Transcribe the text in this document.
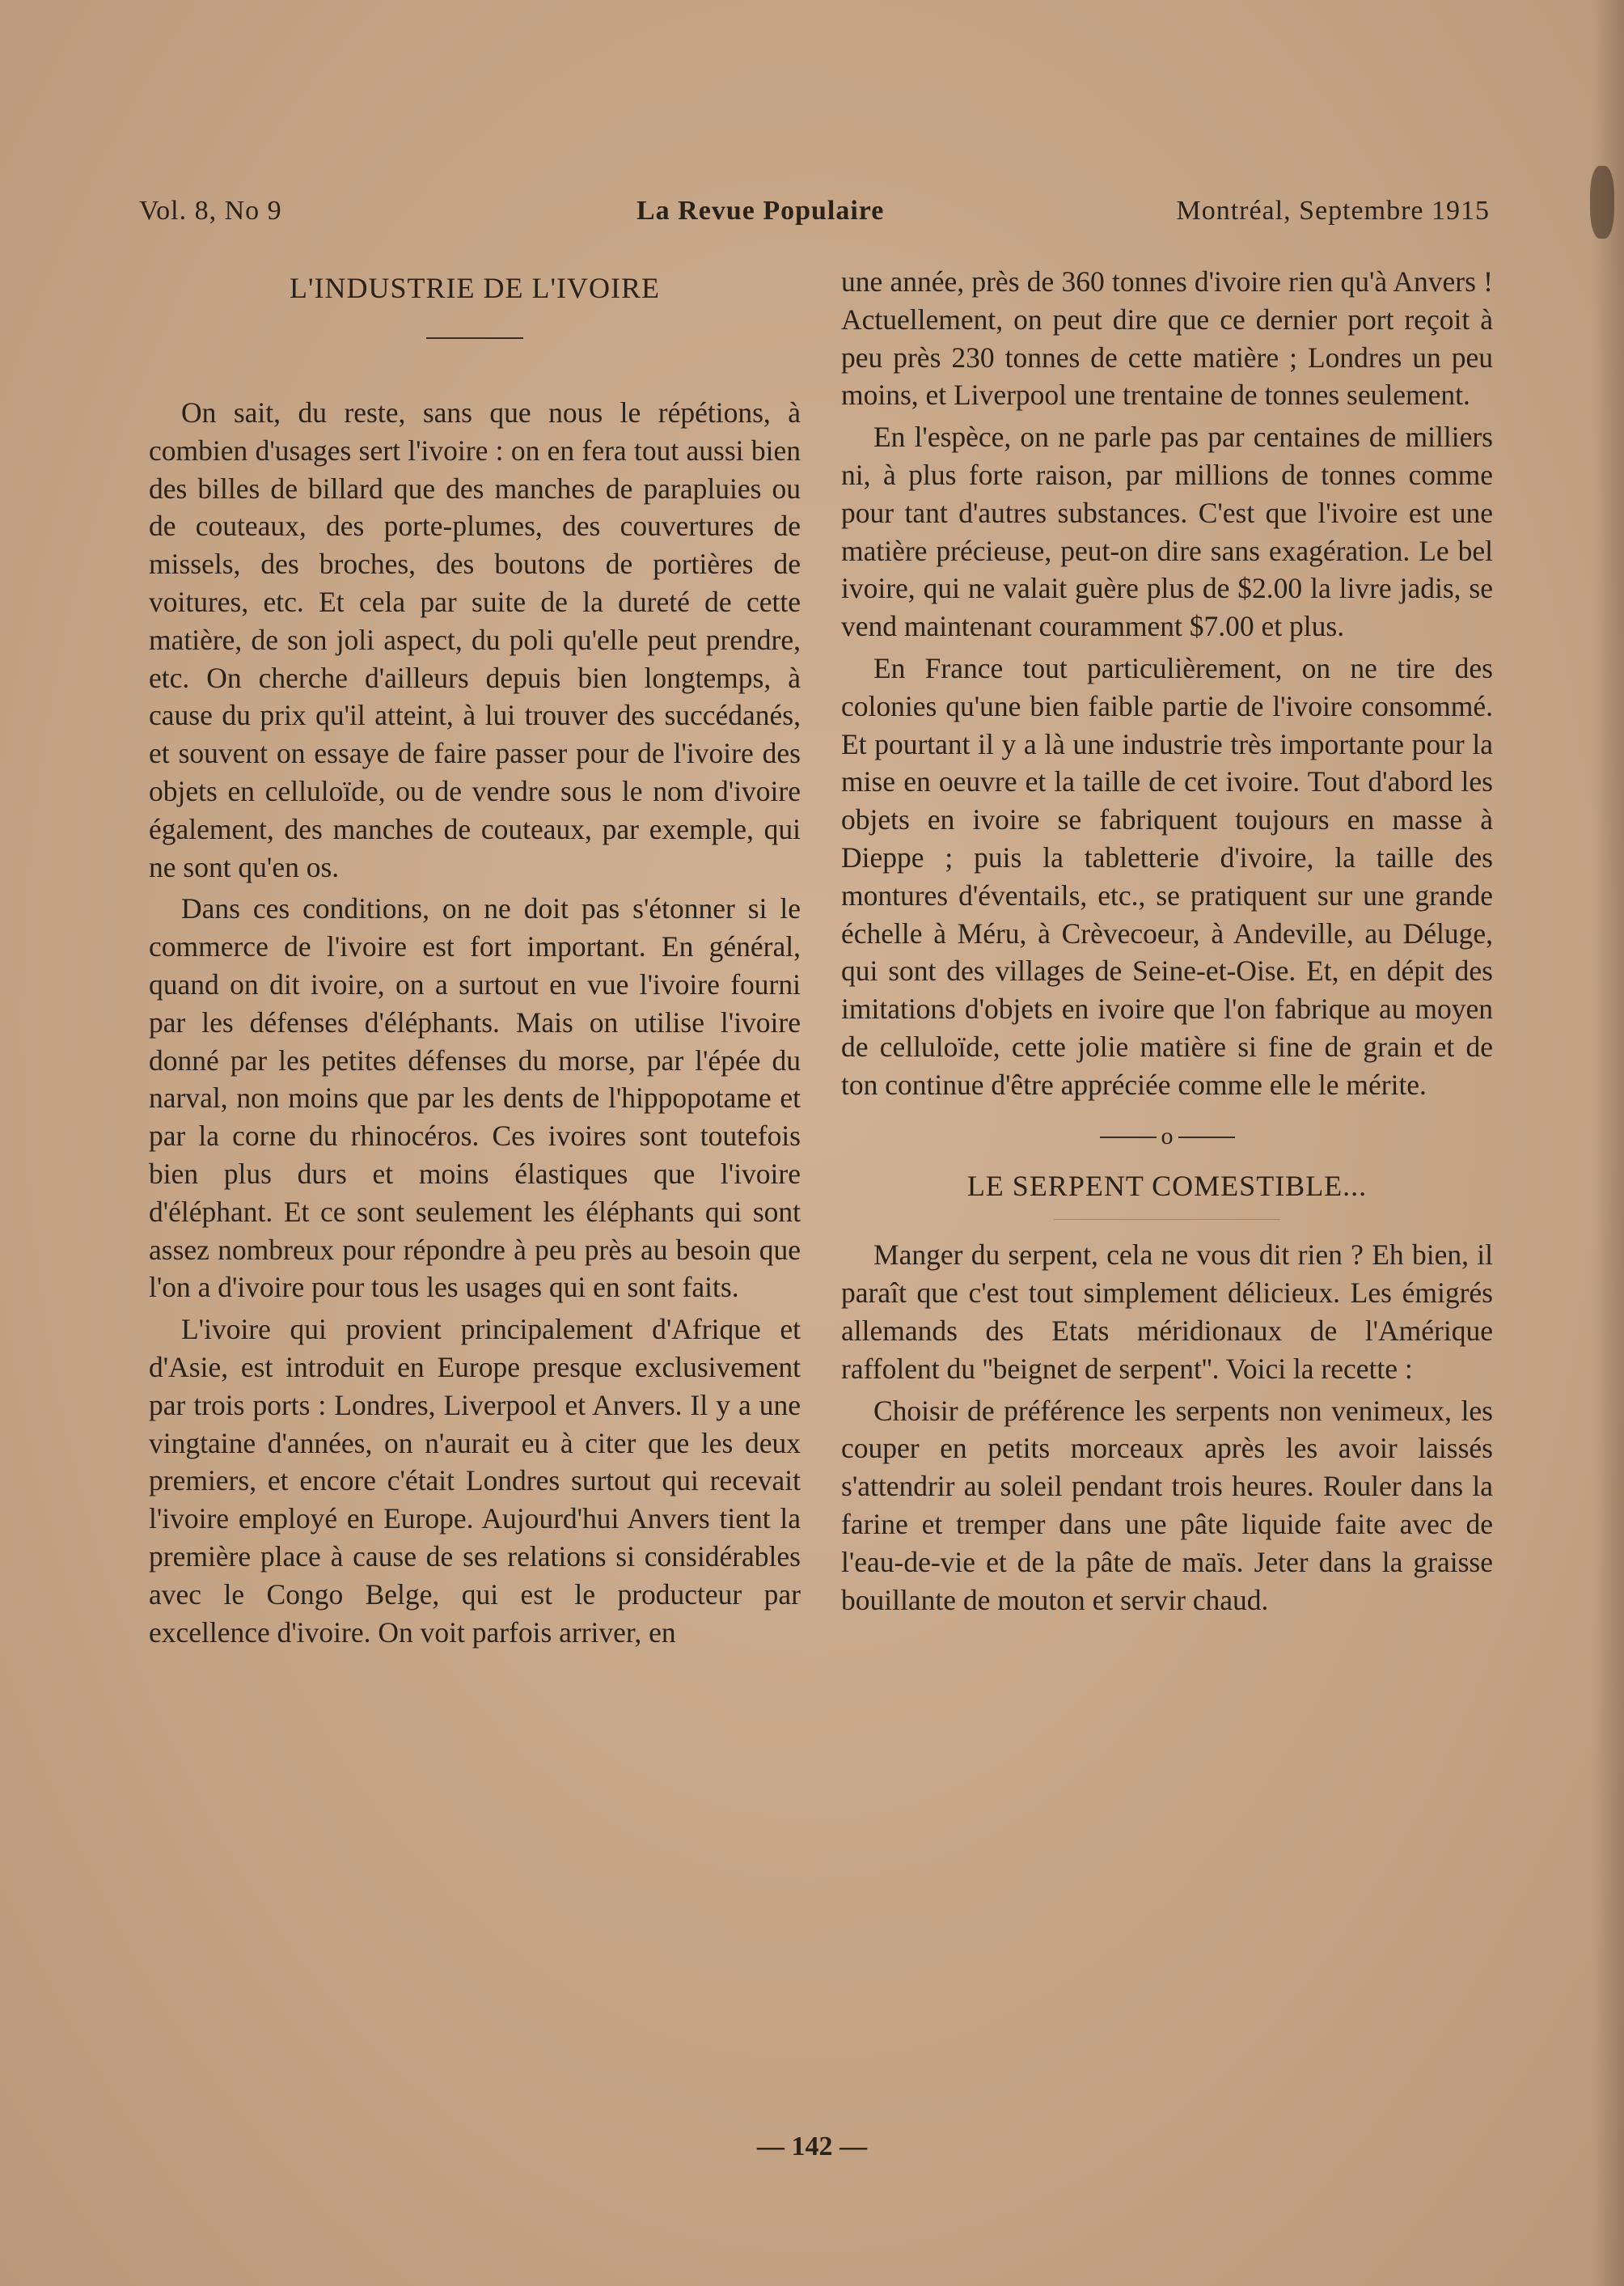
Vol. 8, No 9	La Revue Populaire	Montréal, Septembre 1915
L'INDUSTRIE DE L'IVOIRE

On sait, du reste, sans que nous le répétions, à combien d'usages sert l'ivoire : on en fera tout aussi bien des billes de billard que des manches de parapluies ou de couteaux, des porte-plumes, des couvertures de missels, des broches, des boutons de portières de voitures, etc. Et cela par suite de la dureté de cette matière, de son joli aspect, du poli qu'elle peut prendre, etc. On cherche d'ailleurs depuis bien longtemps, à cause du prix qu'il atteint, à lui trouver des succédanés, et souvent on essaye de faire passer pour de l'ivoire des objets en celluloïde, ou de vendre sous le nom d'ivoire également, des manches de couteaux, par exemple, qui ne sont qu'en os.

Dans ces conditions, on ne doit pas s'étonner si le commerce de l'ivoire est fort important. En général, quand on dit ivoire, on a surtout en vue l'ivoire fourni par les défenses d'éléphants. Mais on utilise l'ivoire donné par les petites défenses du morse, par l'épée du narval, non moins que par les dents de l'hippopotame et par la corne du rhinocéros. Ces ivoires sont toutefois bien plus durs et moins élastiques que l'ivoire d'éléphant. Et ce sont seulement les éléphants qui sont assez nombreux pour répondre à peu près au besoin que l'on a d'ivoire pour tous les usages qui en sont faits.

L'ivoire qui provient principalement d'Afrique et d'Asie, est introduit en Europe presque exclusivement par trois ports : Londres, Liverpool et Anvers. Il y a une vingtaine d'années, on n'aurait eu à citer que les deux premiers, et encore c'était Londres surtout qui recevait l'ivoire employé en Europe. Aujourd'hui Anvers tient la première place à cause de ses relations si considérables avec le Congo Belge, qui est le producteur par excellence d'ivoire. On voit parfois arriver, en

une année, près de 360 tonnes d'ivoire rien qu'à Anvers ! Actuellement, on peut dire que ce dernier port reçoit à peu près 230 tonnes de cette matière ; Londres un peu moins, et Liverpool une trentaine de tonnes seulement.

En l'espèce, on ne parle pas par centaines de milliers ni, à plus forte raison, par millions de tonnes comme pour tant d'autres substances. C'est que l'ivoire est une matière précieuse, peut-on dire sans exagération. Le bel ivoire, qui ne valait guère plus de $2.00 la livre jadis, se vend maintenant couramment $7.00 et plus.

En France tout particulièrement, on ne tire des colonies qu'une bien faible partie de l'ivoire consommé. Et pourtant il y a là une industrie très importante pour la mise en oeuvre et la taille de cet ivoire. Tout d'abord les objets en ivoire se fabriquent toujours en masse à Dieppe ; puis la tabletterie d'ivoire, la taille des montures d'éventails, etc., se pratiquent sur une grande échelle à Méru, à Crèvecoeur, à Andeville, au Déluge, qui sont des villages de Seine-et-Oise. Et, en dépit des imitations d'objets en ivoire que l'on fabrique au moyen de celluloïde, cette jolie matière si fine de grain et de ton continue d'être appréciée comme elle le mérite.

o
LE SERPENT COMESTIBLE...

Manger du serpent, cela ne vous dit rien ? Eh bien, il paraît que c'est tout simplement délicieux. Les émigrés allemands des Etats méridionaux de l'Amérique raffolent du ''beignet de serpent''. Voici la recette :

Choisir de préférence les serpents non venimeux, les couper en petits morceaux après les avoir laissés s'attendrir au soleil pendant trois heures. Rouler dans la farine et tremper dans une pâte liquide faite avec de l'eau-de-vie et de la pâte de maïs. Jeter dans la graisse bouillante de mouton et servir chaud.

— 142 —
